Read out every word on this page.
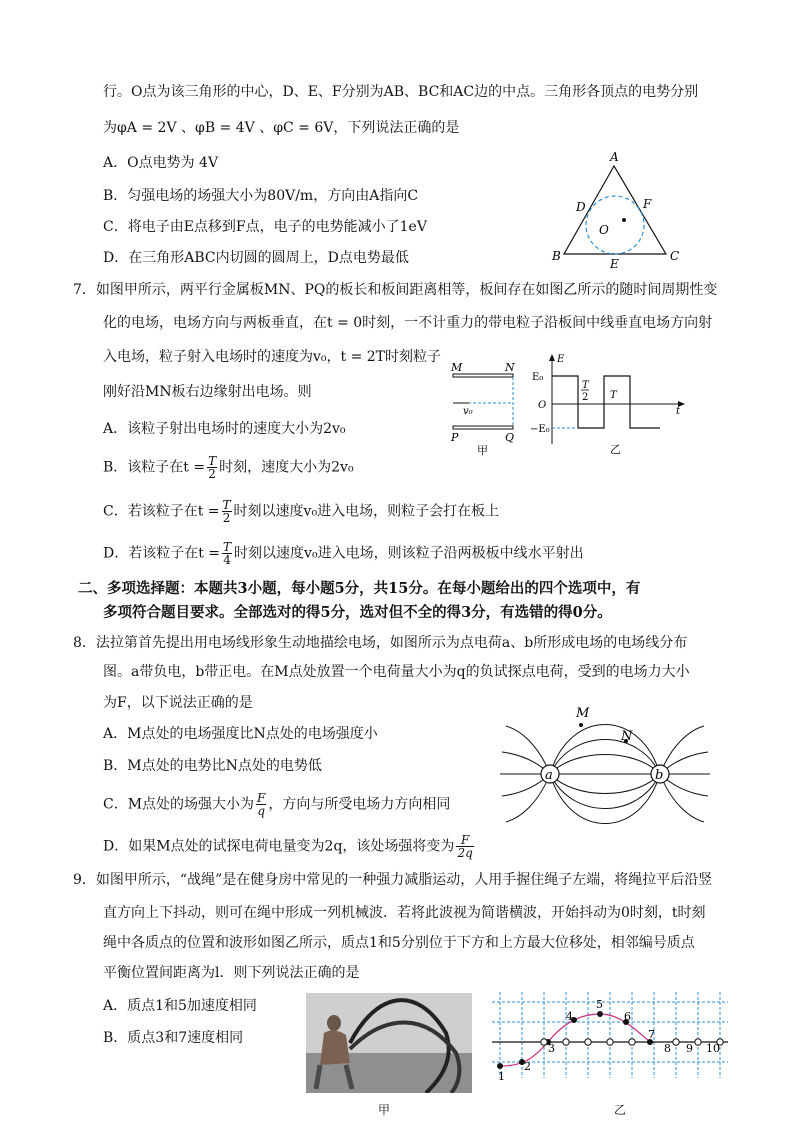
行。O点为该三角形的中心，D、E、F分别为AB、BC和AC边的中点。三角形各顶点的电势分别
为φA = 2V 、φB = 4V 、φC = 6V，下列说法正确的是
A．O点电势为 4V
B．匀强电场的场强大小为80V/m，方向由A指向C
C．将电子由E点移到F点，电子的电势能减小了1eV
D．在三角形ABC内切圆的圆周上，D点电势最低
A
B	C
D
E
F
O
7．如图甲所示，两平行金属板MN、PQ的板长和板间距离相等，板间存在如图乙所示的随时间周期性变
化的电场，电场方向与两板垂直，在t = 0时刻，一不计重力的带电粒子沿板间中线垂直电场方向射
入电场，粒子射入电场时的速度为v₀，t = 2T时刻粒子
刚好沿MN板右边缘射出电场。则
A．该粒子射出电场时的速度大小为2v₀
B．该粒子在$t = \frac{T}{2}$ 时刻，速度大小为2v₀
C．若该粒子在$t = \frac{T}{2}$ 时刻以速度v₀进入电场，则粒子会打在板上
D．若该粒子在$t = \frac{T}{4}$ 时刻以速度v₀进入电场，则该粒子沿两极板中线水平射出
M	N
v₀
P	Q
甲
E
E₀
O
−E₀
T
2 T
t
乙
二、多项选择题：本题共3小题，每小题5分，共15分。在每小题给出的四个选项中，有
多项符合题目要求。全部选对的得5分，选对但不全的得3分，有选错的得0分。
8．法拉第首先提出用电场线形象生动地描绘电场，如图所示为点电荷a、b所形成电场的电场线分布
图。a带负电，b带正电。在M点处放置一个电荷量大小为q的负试探点电荷，受到的电场力大小
为F，以下说法正确的是
A．M点处的电场强度比N点处的电场强度小
B．M点处的电势比N点处的电势低
C．M点处的场强大小为 $\frac{F}{q}$ ，方向与所受电场力方向相同
D．如果M点处的试探电荷电量变为2q，该处场强将变为 $\frac{F}{2q}$
M
N
a	b
9．如图甲所示，“战绳”是在健身房中常见的一种强力减脂运动，人用手握住绳子左端，将绳拉平后沿竖
直方向上下抖动，则可在绳中形成一列机械波．若将此波视为简谐横波，开始抖动为0时刻，t时刻
绳中各质点的位置和波形如图乙所示，质点1和5分别位于下方和上方最大位移处，相邻编号质点
平衡位置间距离为l．则下列说法正确的是
A．质点1和5加速度相同
B．质点3和7速度相同
甲
1
2
3
4
5
6
7
8 9 10
乙
